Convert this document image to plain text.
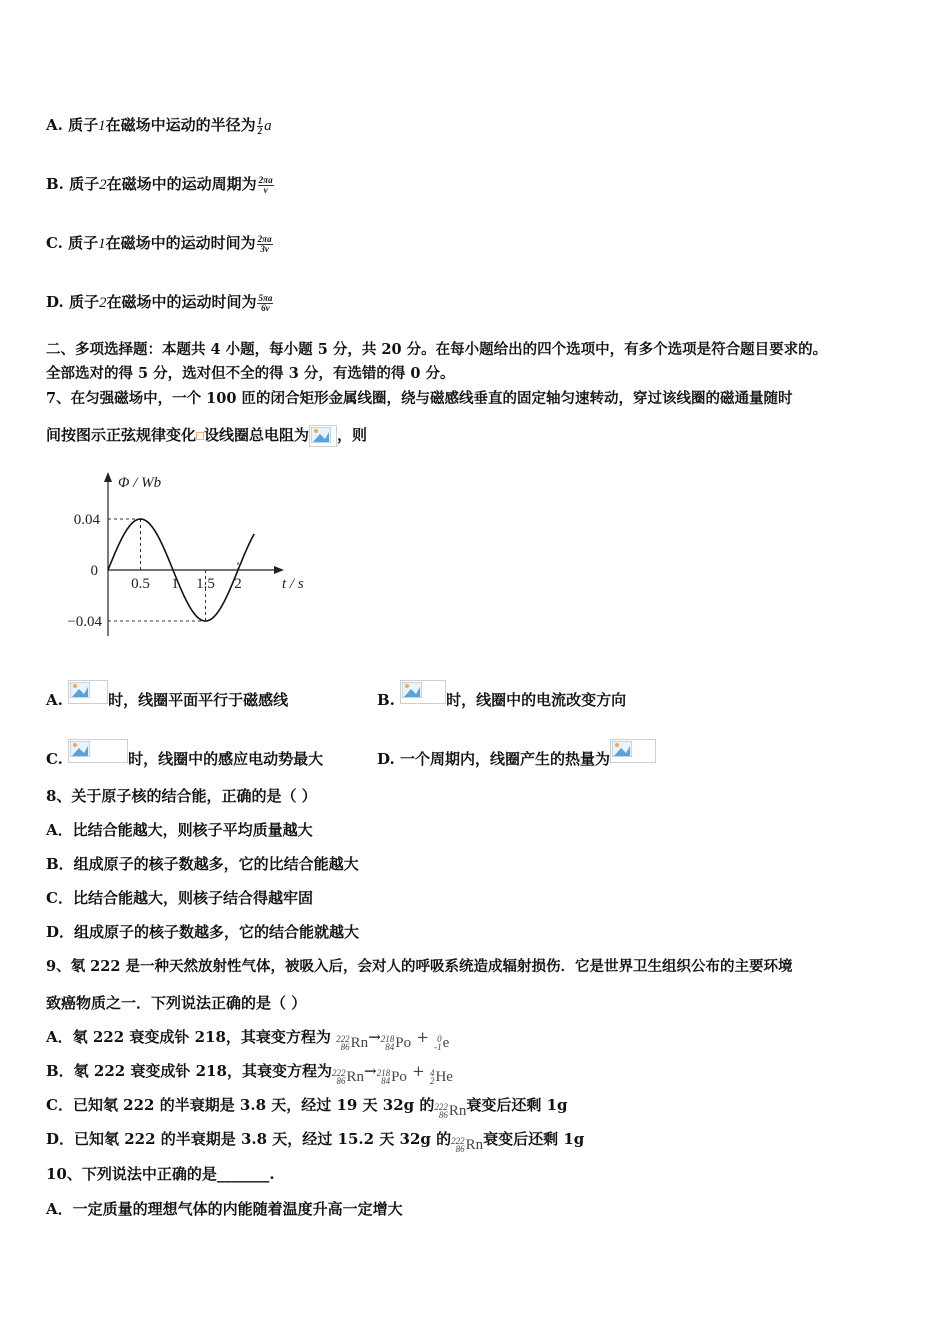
A. 质子1在磁场中运动的半径为 $\frac{1}{2}$ a
B. 质子2在磁场中的运动周期为 $\frac{2\pi a}{v}$
C. 质子1在磁场中的运动时间为 $\frac{2\pi a}{3v}$
D. 质子2在磁场中的运动时间为 $\frac{5\pi a}{6v}$
二、多项选择题：本题共 4 小题，每小题 5 分，共 20 分。在每小题给出的四个选项中，有多个选项是符合题目要求的。
全部选对的得 5 分，选对但不全的得 3 分，有选错的得 0 分。
7、在匀强磁场中，一个 100 匝的闭合矩形金属线圈，绕与磁感线垂直的固定轴匀速转动，穿过该线圈的磁通量随时
间按图示正弦规律变化 设线圈总电阻为 ，则
0.5 1 1.5 2
0.04
0
−0.04
Φ / Wb
t / s
A.	时，线圈平面平行于磁感线	B.	时，线圈中的电流改变方向
C.	时，线圈中的感应电动势最大	D. 一个周期内，线圈产生的热量为
8、关于原子核的结合能，正确的是（ ）
A．比结合能越大，则核子平均质量越大
B．组成原子的核子数越多，它的比结合能越大
C．比结合能越大，则核子结合得越牢固
D．组成原子的核子数越多，它的结合能就越大
9、氡 222 是一种天然放射性气体，被吸入后，会对人的呼吸系统造成辐射损伤．它是世界卫生组织公布的主要环境
致癌物质之一．下列说法正确的是（ ）
A．氡 222 衰变成钋 218，其衰变方程为 222
86 Rn → 218
84 Po + 0
-1 e
B．氡 222 衰变成钋 218，其衰变方程为 222
86 Rn → 218
84 Po + 4
2 He
C．已知氡 222 的半衰期是 3.8 天，经过 19 天 32g 的 222
86 Rn 衰变后还剩 1g
D．已知氡 222 的半衰期是 3.8 天，经过 15.2 天 32g 的 222
86 Rn 衰变后还剩 1g
10、下列说法中正确的是_______.
A．一定质量的理想气体的内能随着温度升高一定增大
